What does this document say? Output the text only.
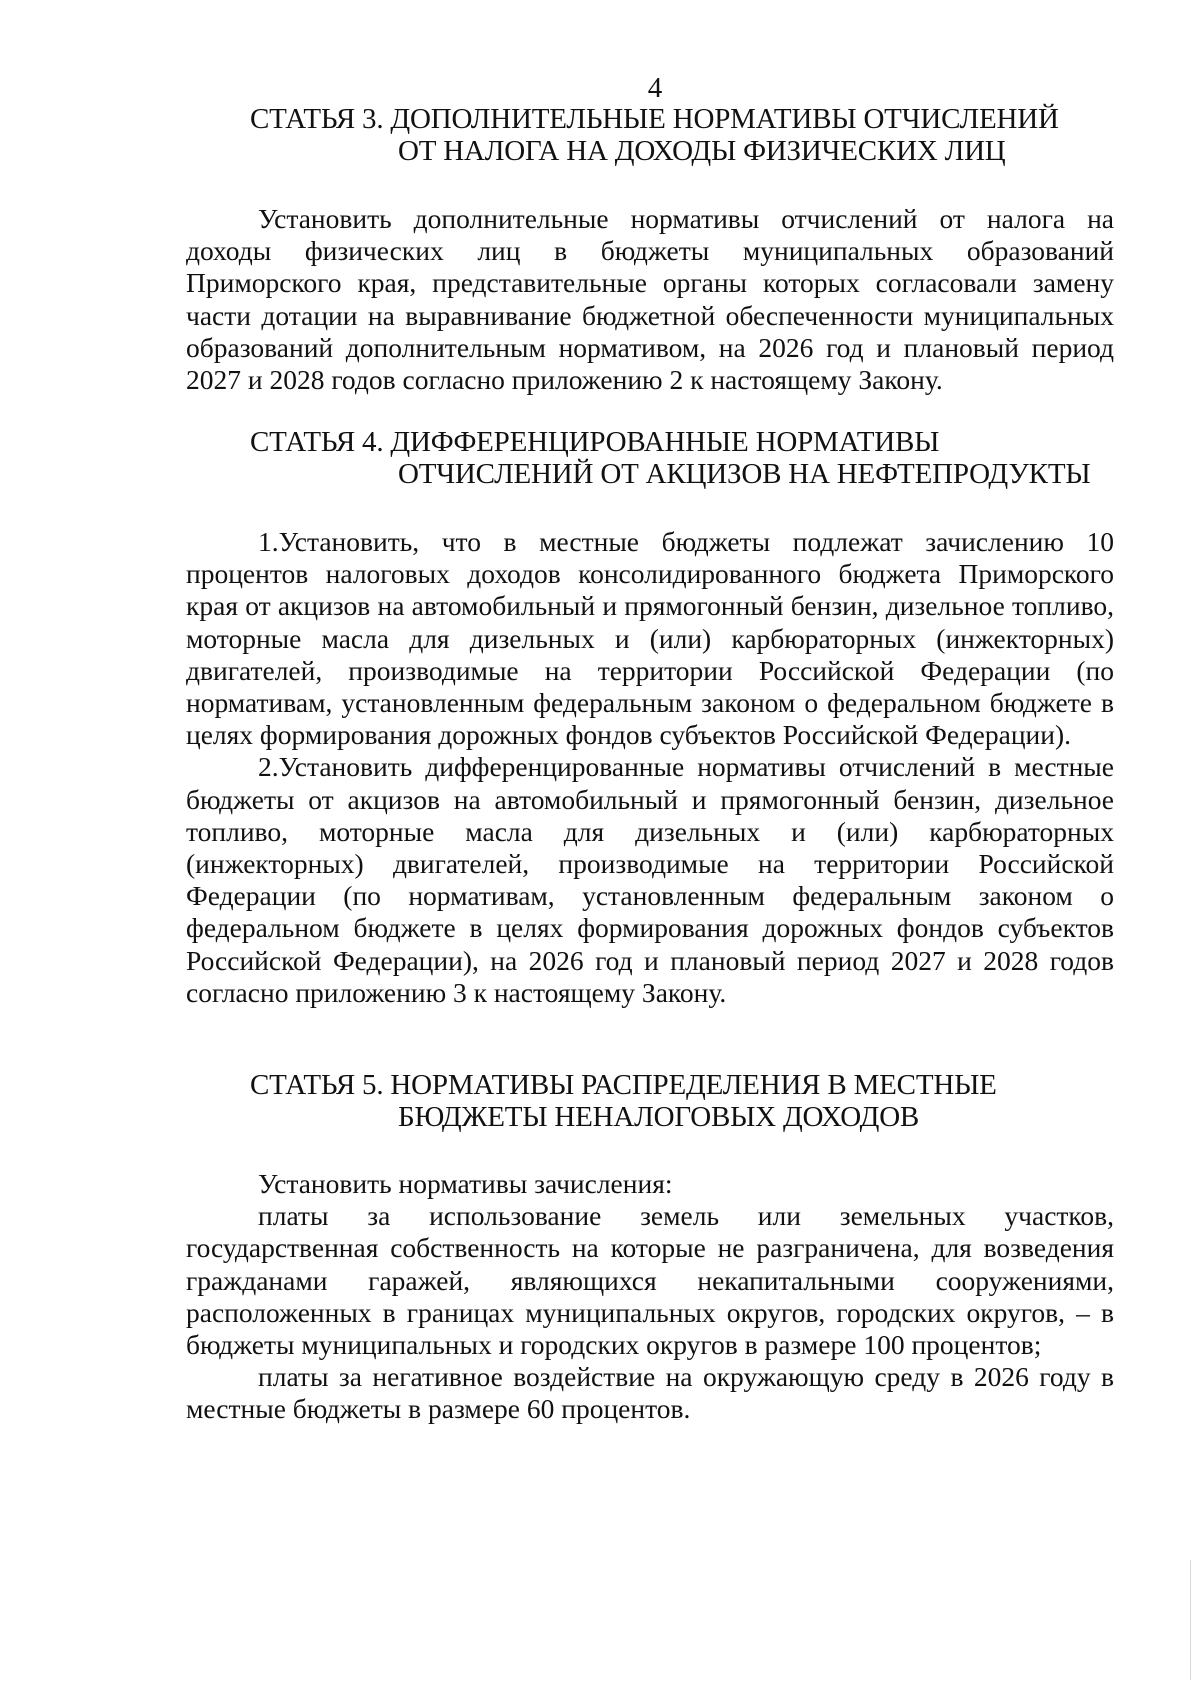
4
СТАТЬЯ 3. ДОПОЛНИТЕЛЬНЫЕ НОРМАТИВЫ ОТЧИСЛЕНИЙ
ОТ НАЛОГА НА ДОХОДЫ ФИЗИЧЕСКИХ ЛИЦ

Установить дополнительные нормативы отчислений от налога на доходы физических лиц в бюджеты муниципальных образований Приморского края, представительные органы которых согласовали замену части дотации на выравнивание бюджетной обеспеченности муниципальных образований дополнительным нормативом, на 2026 год и плановый период 2027 и 2028 годов согласно приложению 2 к настоящему Закону.

СТАТЬЯ 4. ДИФФЕРЕНЦИРОВАННЫЕ НОРМАТИВЫ
ОТЧИСЛЕНИЙ ОТ АКЦИЗОВ НА НЕФТЕПРОДУКТЫ

1.Установить, что в местные бюджеты подлежат зачислению 10 процентов налоговых доходов консолидированного бюджета Приморского края от акцизов на автомобильный и прямогонный бензин, дизельное топливо, моторные масла для дизельных и (или) карбюраторных (инжекторных) двигателей, производимые на территории Российской Федерации (по нормативам, установленным федеральным законом о федеральном бюджете в целях формирования дорожных фондов субъектов Российской Федерации).

2.Установить дифференцированные нормативы отчислений в местные бюджеты от акцизов на автомобильный и прямогонный бензин, дизельное топливо, моторные масла для дизельных и (или) карбюраторных (инжекторных) двигателей, производимые на территории Российской Федерации (по нормативам, установленным федеральным законом о федеральном бюджете в целях формирования дорожных фондов субъектов Российской Федерации), на 2026 год и плановый период 2027 и 2028 годов согласно приложению 3 к настоящему Закону.

СТАТЬЯ 5. НОРМАТИВЫ РАСПРЕДЕЛЕНИЯ В МЕСТНЫЕ
БЮДЖЕТЫ НЕНАЛОГОВЫХ ДОХОДОВ

Установить нормативы зачисления:

платы за использование земель или земельных участков, государственная собственность на которые не разграничена, для возведения гражданами гаражей, являющихся некапитальными сооружениями, расположенных в границах муниципальных округов, городских округов, – в бюджеты муниципальных и городских округов в размере 100 процентов;

платы за негативное воздействие на окружающую среду в 2026 году в местные бюджеты в размере 60 процентов.
